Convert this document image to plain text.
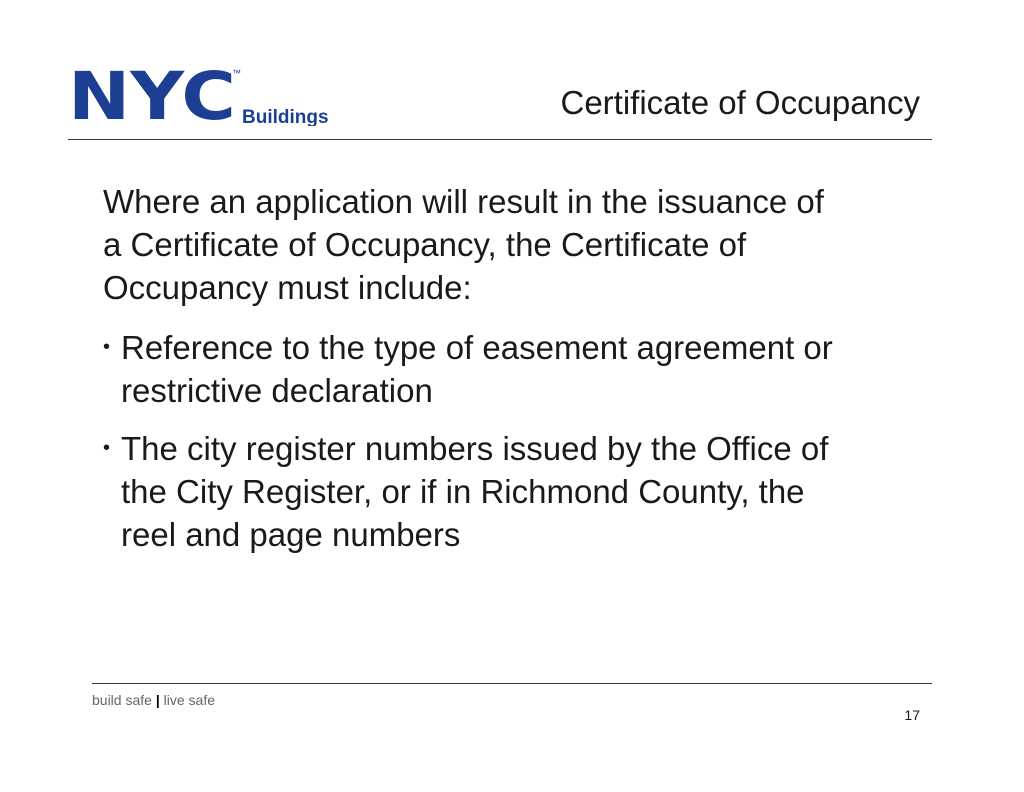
NYC
™
Buildings	Certificate of Occupancy

Where an application will result in the issuance of
a Certificate of Occupancy, the Certificate of
Occupancy must include:

• Reference to the type of easement agreement or
restrictive declaration
• The city register numbers issued by the Office of
the City Register, or if in Richmond County, the
reel and page numbers
build safe | live safe
17
